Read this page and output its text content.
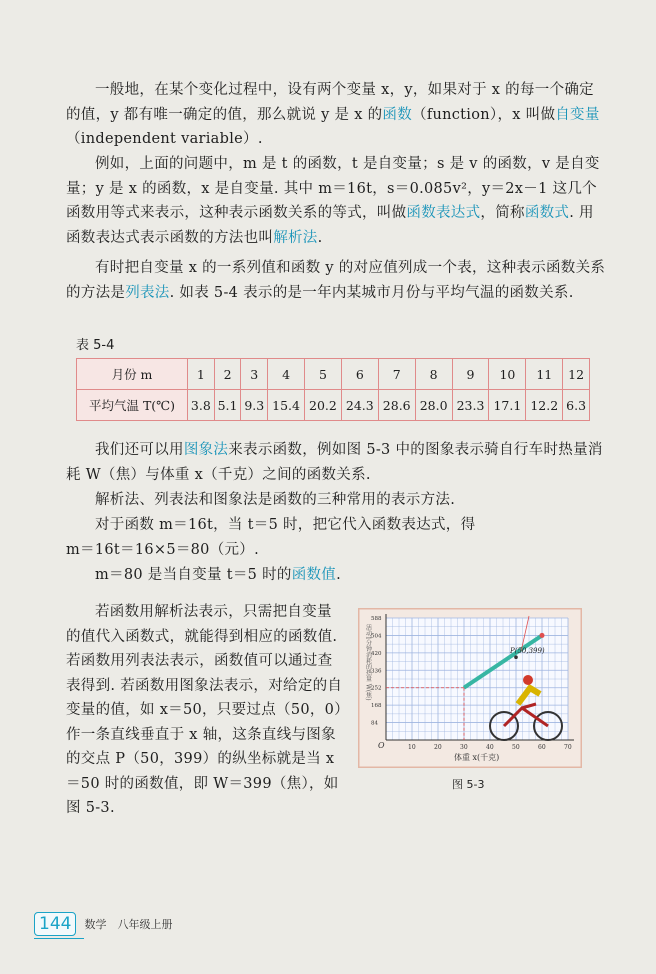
一般地，在某个变化过程中，设有两个变量 x，y，如果对于 x 的每一个确定的值，y 都有唯一确定的值，那么就说 y 是 x 的函数（function），x 叫做自变量（independent variable）.
例如，上面的问题中，m 是 t 的函数，t 是自变量；s 是 v 的函数，v 是自变量；y 是 x 的函数，x 是自变量. 其中 m＝16t，s＝0.085v²，y＝2x－1 这几个函数用等式来表示，这种表示函数关系的等式，叫做函数表达式，简称函数式. 用函数表达式表示函数的方法也叫解析法.
有时把自变量 x 的一系列值和函数 y 的对应值列成一个表，这种表示函数关系的方法是列表法. 如表 5-4 表示的是一年内某城市月份与平均气温的函数关系.
表 5-4
月份 m	1	2	3	4	5	6	7	8	9	10	11	12
平均气温 T(℃)	3.8	5.1	9.3	15.4	20.2	24.3	28.6	28.0	23.3	17.1	12.2	6.3
我们还可以用图象法来表示函数，例如图 5-3 中的图象表示骑自行车时热量消耗 W（焦）与体重 x（千克）之间的函数关系.
解析法、列表法和图象法是函数的三种常用的表示方法.
对于函数 m＝16t，当 t＝5 时，把它代入函数表达式，得
m＝16t＝16×5＝80（元）.
m＝80 是当自变量 t＝5 时的函数值.
若函数用解析法表示，只需把自变量的值代入函数式，就能得到相应的函数值. 若函数用列表法表示，函数值可以通过查表得到. 若函数用图象法表示，对给定的自变量的值，如 x＝50，只要过点（50，0）作一条直线垂直于 x 轴，这条直线与图象的交点 P（50，399）的纵坐标就是当 x＝50 时的函数值，即 W＝399（焦），如图 5-3.
10	20	30	40	50	60	70
84
168
252
336
420
504
588
P(50,399)
活动1分钟消耗的热量 W(焦)
体重 x(千克)
O
图 5-3
144	数学　八年级上册
